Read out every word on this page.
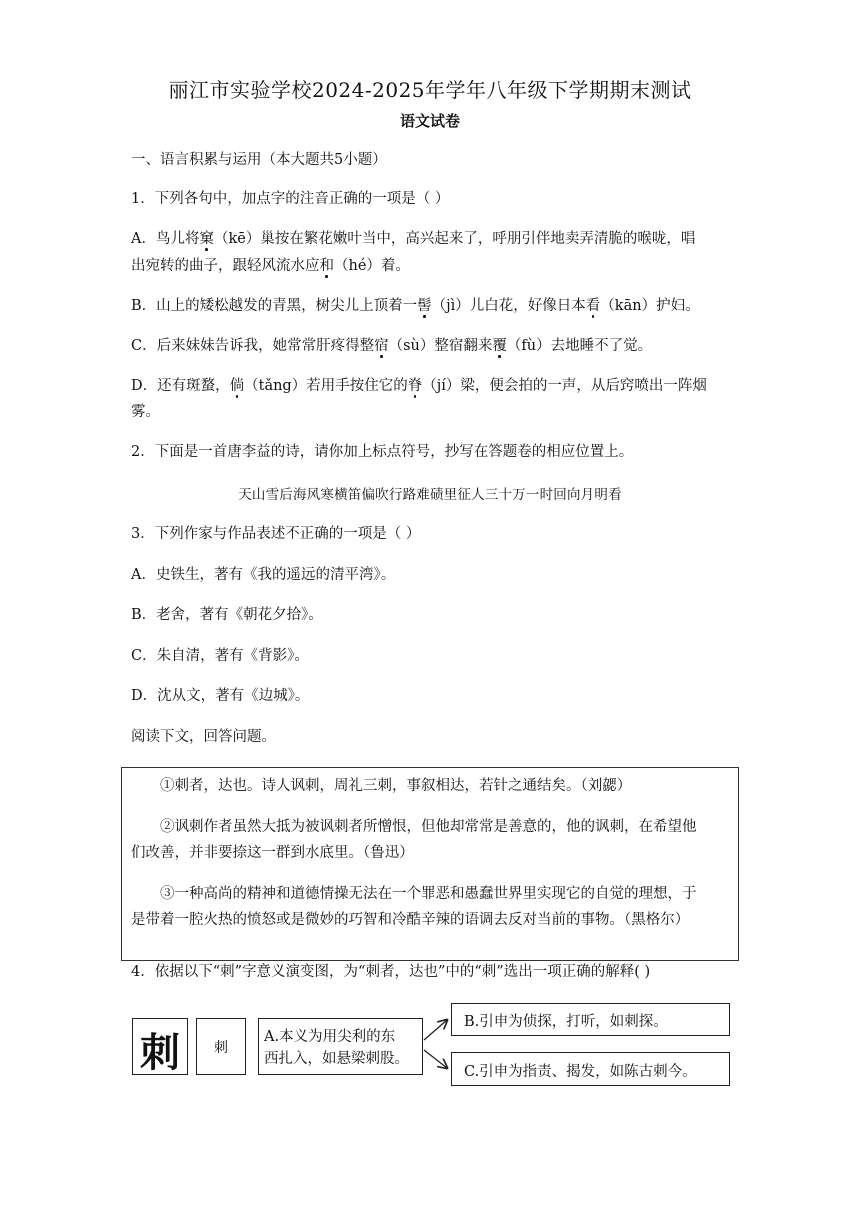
丽江市实验学校2024-2025年学年八年级下学期期末测试
语文试卷
一、语言积累与运用（本大题共5小题）
1．下列各句中，加点字的注音正确的一项是（ ）
A．鸟儿将窠（kē）巢按在繁花嫩叶当中，高兴起来了，呼朋引伴地卖弄清脆的喉咙，唱
出宛转的曲子，跟轻风流水应和（hé）着。
B．山上的矮松越发的青黑，树尖儿上顶着一髻（jì）儿白花，好像日本看（kān）护妇。
C．后来妹妹告诉我，她常常肝疼得整宿（sù）整宿翻来覆（fù）去地睡不了觉。
D．还有斑蝥，倘（tǎng）若用手按住它的脊（jí）梁，便会拍的一声，从后窍喷出一阵烟
雾。
2．下面是一首唐李益的诗，请你加上标点符号，抄写在答题卷的相应位置上。
天山雪后海风寒横笛偏吹行路难碛里征人三十万一时回向月明看
3．下列作家与作品表述不正确的一项是（ ）
A．史铁生，著有《我的遥远的清平湾》。
B．老舍，著有《朝花夕拾》。
C．朱自清，著有《背影》。
D．沈从文，著有《边城》。
阅读下文，回答问题。
①刺者，达也。诗人讽刺，周礼三刺，事叙相达，若针之通结矣。（刘勰）
②讽刺作者虽然大抵为被讽刺者所憎恨，但他却常常是善意的，他的讽刺，在希望他
们改善，并非要捺这一群到水底里。（鲁迅）
③一种高尚的精神和道德情操无法在一个罪恶和愚蠢世界里实现它的自觉的理想，于
是带着一腔火热的愤怒或是微妙的巧智和冷酷辛辣的语调去反对当前的事物。（黑格尔）
4．依据以下“刺”字意义演变图，为“刺者，达也”中的“刺”选出一项正确的解释( )
刺	刺
A.本义为用尖利的东
西扎入，如悬梁刺股。
B.引申为侦探，打听，如刺探。
C.引申为指责、揭发，如陈古刺今。
